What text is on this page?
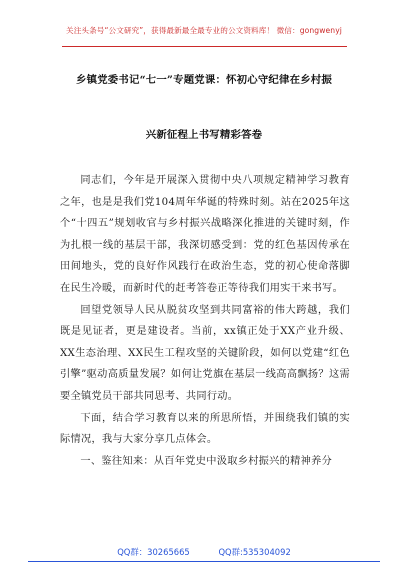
关注头条号“公文研究”，获得最新最全最专业的公文资料库！ 微信：gongwenyj
乡镇党委书记“七一”专题党课：怀初心守纪律在乡村振
兴新征程上书写精彩答卷

同志们，今年是开展深入贯彻中央八项规定精神学习教育之年，也是是我们党104周年华诞的特殊时刻。站在2025年这个“十四五”规划收官与乡村振兴战略深化推进的关键时刻，作为扎根一线的基层干部，我深切感受到：党的红色基因传承在田间地头，党的良好作风践行在政治生态，党的初心使命落脚在民生冷暖，而新时代的赶考答卷正等待我们用实干来书写。

回望党领导人民从脱贫攻坚到共同富裕的伟大跨越，我们既是见证者，更是建设者。当前，xx镇正处于XX产业升级、XX生态治理、XX民生工程攻坚的关键阶段，如何以党建“红色引擎”驱动高质量发展？如何让党旗在基层一线高高飘扬？这需要全镇党员干部共同思考、共同行动。

下面，结合学习教育以来的所思所悟，并围绕我们镇的实际情况，我与大家分享几点体会。

一、鉴往知来：从百年党史中汲取乡村振兴的精神养分

QQ群：30265665	QQ群:535304092
